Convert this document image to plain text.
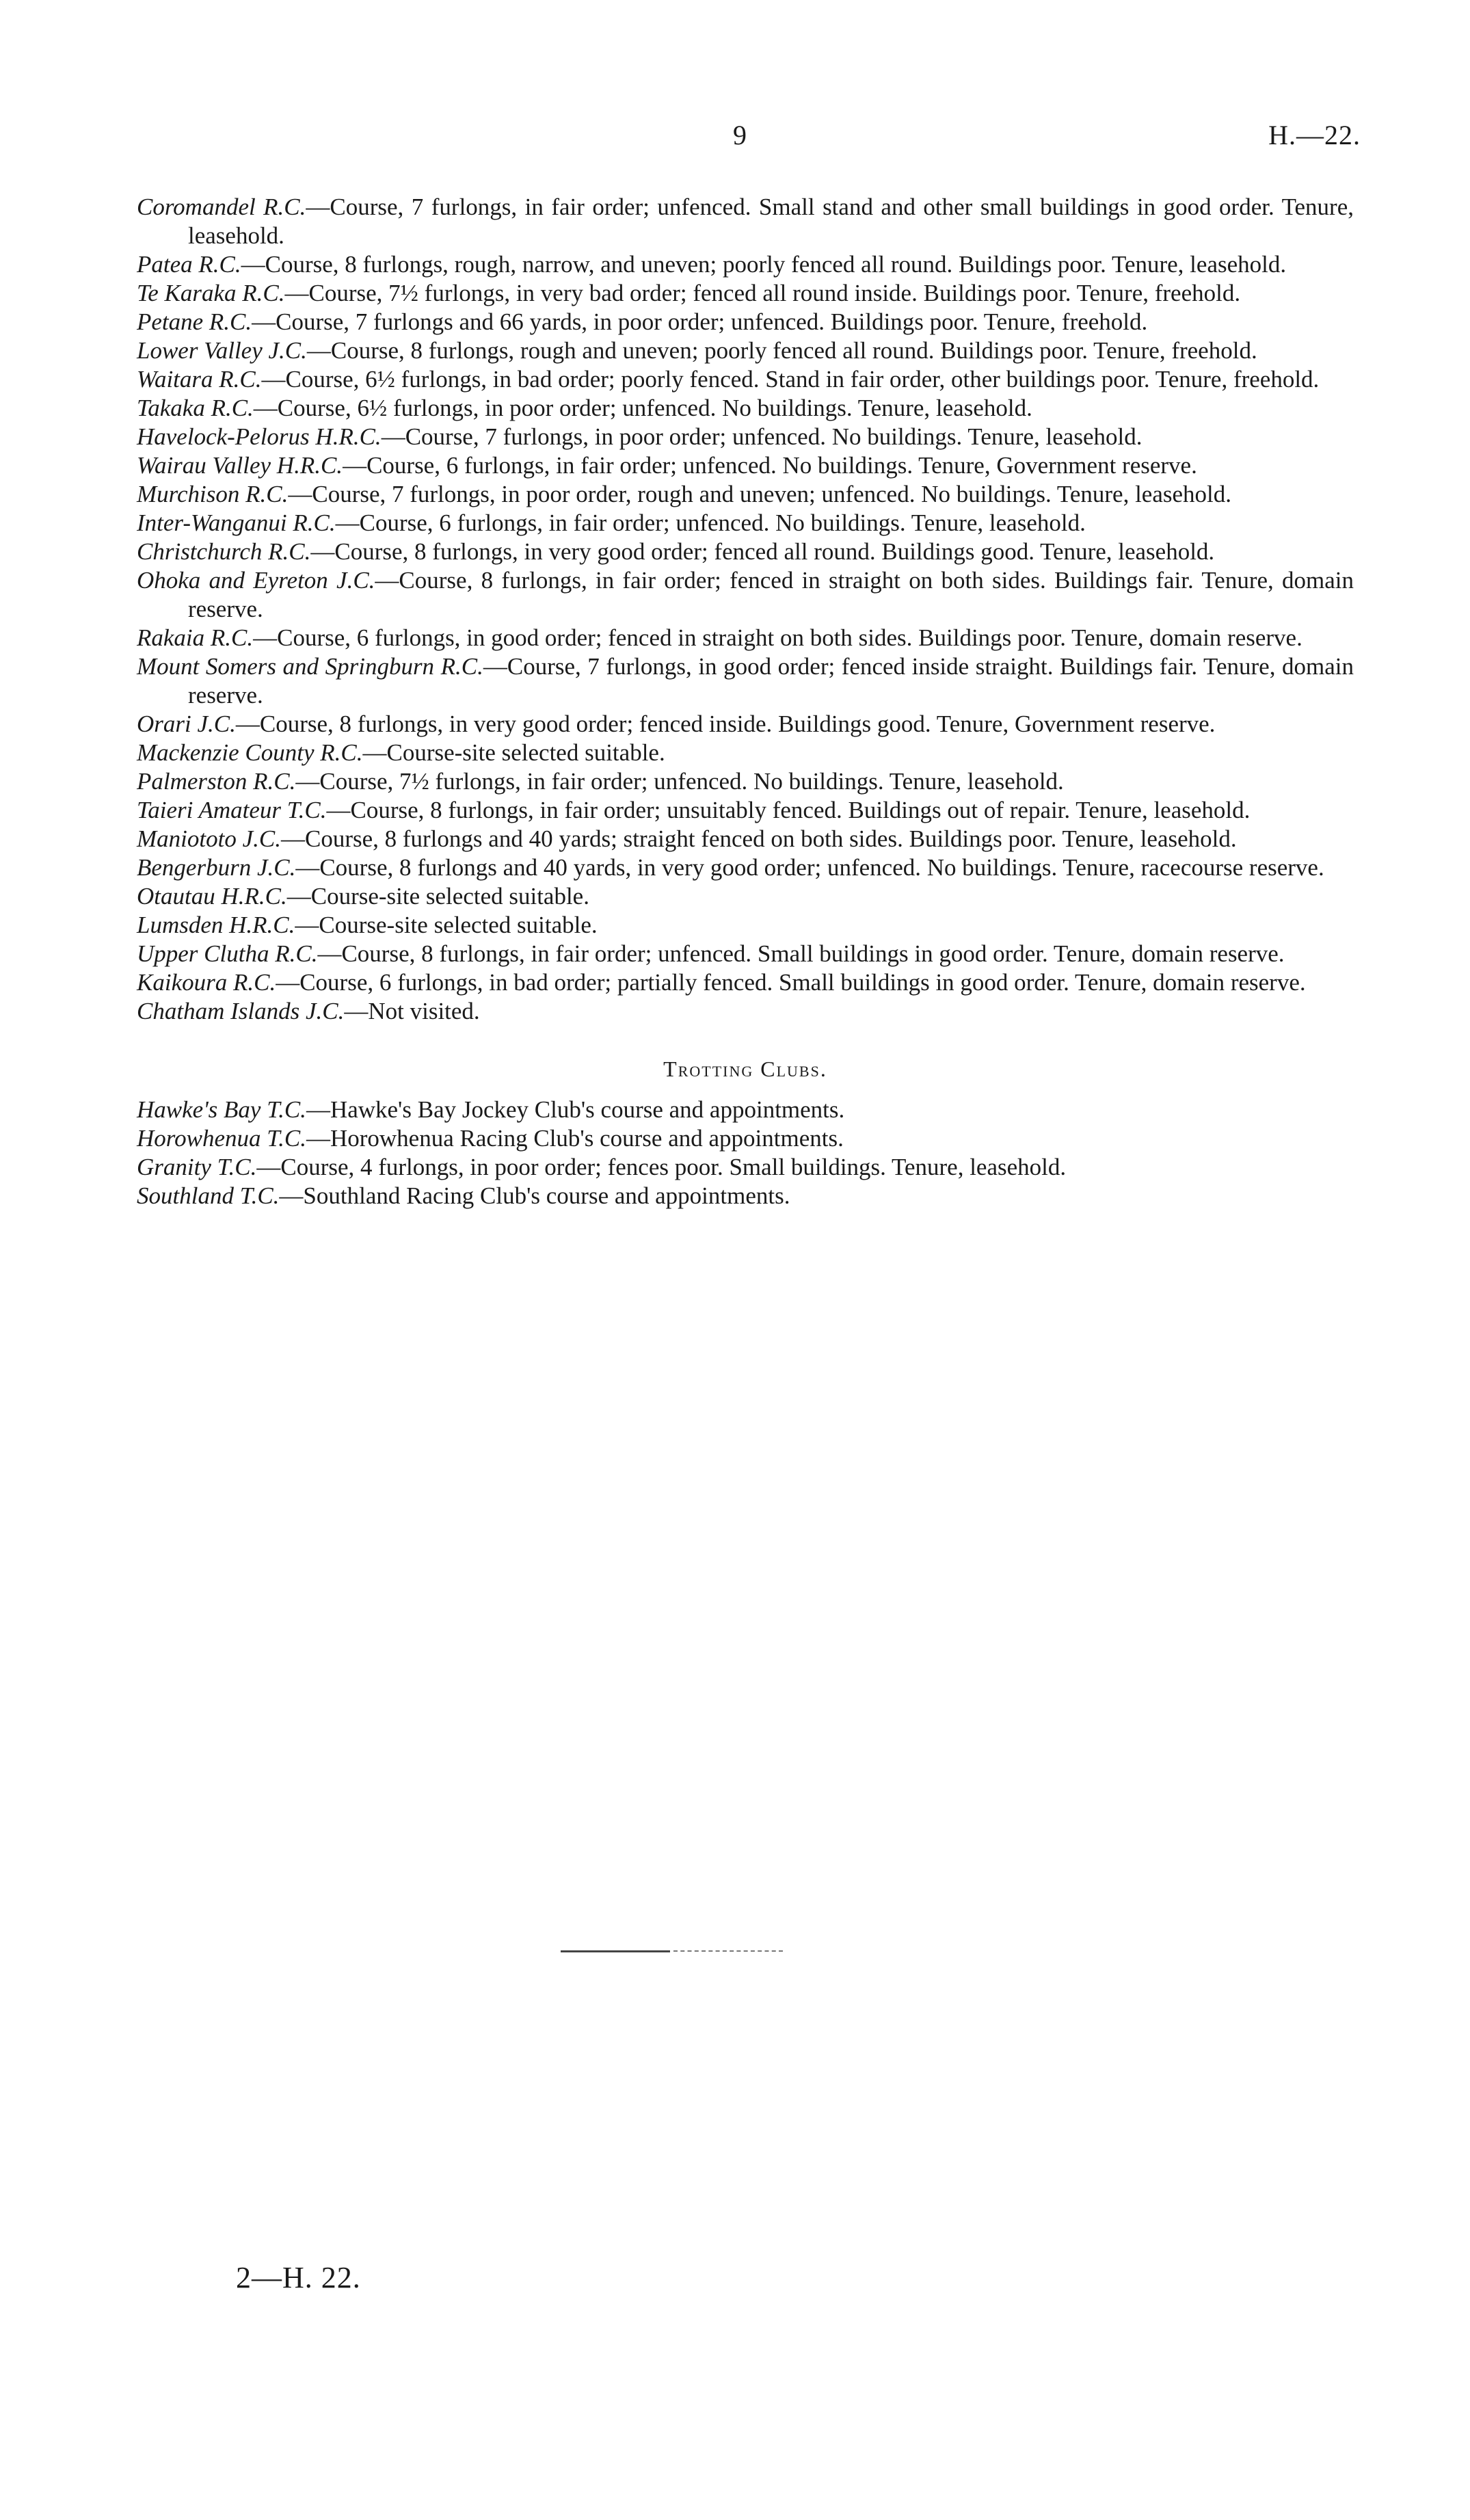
9	H.—22.

Coromandel R.C.—Course, 7 furlongs, in fair order; unfenced. Small stand and other small buildings in good order. Tenure, leasehold.

Patea R.C.—Course, 8 furlongs, rough, narrow, and uneven; poorly fenced all round. Buildings poor. Tenure, leasehold.

Te Karaka R.C.—Course, 7½ furlongs, in very bad order; fenced all round inside. Buildings poor. Tenure, freehold.

Petane R.C.—Course, 7 furlongs and 66 yards, in poor order; unfenced. Buildings poor. Tenure, freehold.

Lower Valley J.C.—Course, 8 furlongs, rough and uneven; poorly fenced all round. Buildings poor. Tenure, freehold.

Waitara R.C.—Course, 6½ furlongs, in bad order; poorly fenced. Stand in fair order, other buildings poor. Tenure, freehold.

Takaka R.C.—Course, 6½ furlongs, in poor order; unfenced. No buildings. Tenure, leasehold.

Havelock-Pelorus H.R.C.—Course, 7 furlongs, in poor order; unfenced. No buildings. Tenure, leasehold.

Wairau Valley H.R.C.—Course, 6 furlongs, in fair order; unfenced. No buildings. Tenure, Government reserve.

Murchison R.C.—Course, 7 furlongs, in poor order, rough and uneven; unfenced. No buildings. Tenure, leasehold.

Inter-Wanganui R.C.—Course, 6 furlongs, in fair order; unfenced. No buildings. Tenure, leasehold.

Christchurch R.C.—Course, 8 furlongs, in very good order; fenced all round. Buildings good. Tenure, leasehold.

Ohoka and Eyreton J.C.—Course, 8 furlongs, in fair order; fenced in straight on both sides. Buildings fair. Tenure, domain reserve.

Rakaia R.C.—Course, 6 furlongs, in good order; fenced in straight on both sides. Buildings poor. Tenure, domain reserve.

Mount Somers and Springburn R.C.—Course, 7 furlongs, in good order; fenced inside straight. Buildings fair. Tenure, domain reserve.

Orari J.C.—Course, 8 furlongs, in very good order; fenced inside. Buildings good. Tenure, Government reserve.

Mackenzie County R.C.—Course-site selected suitable.

Palmerston R.C.—Course, 7½ furlongs, in fair order; unfenced. No buildings. Tenure, leasehold.

Taieri Amateur T.C.—Course, 8 furlongs, in fair order; unsuitably fenced. Buildings out of repair. Tenure, leasehold.

Maniototo J.C.—Course, 8 furlongs and 40 yards; straight fenced on both sides. Buildings poor. Tenure, leasehold.

Bengerburn J.C.—Course, 8 furlongs and 40 yards, in very good order; unfenced. No buildings. Tenure, racecourse reserve.

Otautau H.R.C.—Course-site selected suitable.

Lumsden H.R.C.—Course-site selected suitable.

Upper Clutha R.C.—Course, 8 furlongs, in fair order; unfenced. Small buildings in good order. Tenure, domain reserve.

Kaikoura R.C.—Course, 6 furlongs, in bad order; partially fenced. Small buildings in good order. Tenure, domain reserve.

Chatham Islands J.C.—Not visited.

Trotting Clubs.

Hawke's Bay T.C.—Hawke's Bay Jockey Club's course and appointments.

Horowhenua T.C.—Horowhenua Racing Club's course and appointments.

Granity T.C.—Course, 4 furlongs, in poor order; fences poor. Small buildings. Tenure, leasehold.

Southland T.C.—Southland Racing Club's course and appointments.

2—H. 22.
